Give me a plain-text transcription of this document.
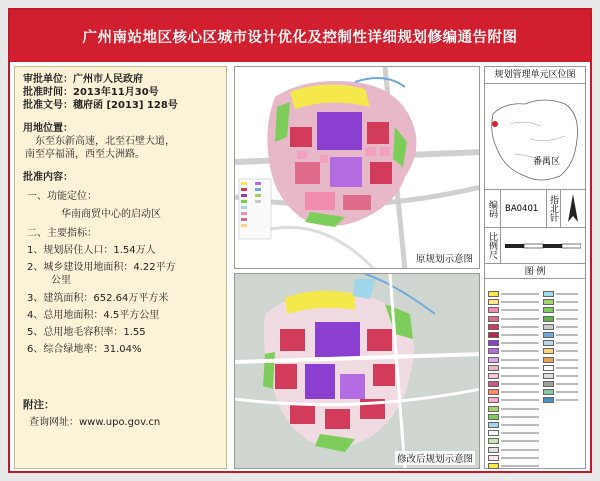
广州南站地区核心区城市设计优化及控制性详细规划修编通告附图
审批单位：广州市人民政府
批准时间：2013年11月30号
批准文号：穗府函 [2013] 128号
用地位置：
东至东新高速，北至石壁大道，
南至亭福涌，西至大洲路。
批准内容：
一、功能定位：
华南商贸中心的启动区
二、主要指标：
1、规划居住人口：1.54万人
2、城乡建设用地面积：4.22平方
公里
3、建筑面积：652.64万平方米
4、总用地面积：4.5平方公里
5、总用地毛容积率：1.55
6、综合绿地率：31.04%
附注：
查询网址：www.upo.gov.cn
原规划示意图
修改后规划示意图
规划管理单元区位图
番禺区
编码 BA0401	指北针
比例尺
图 例
